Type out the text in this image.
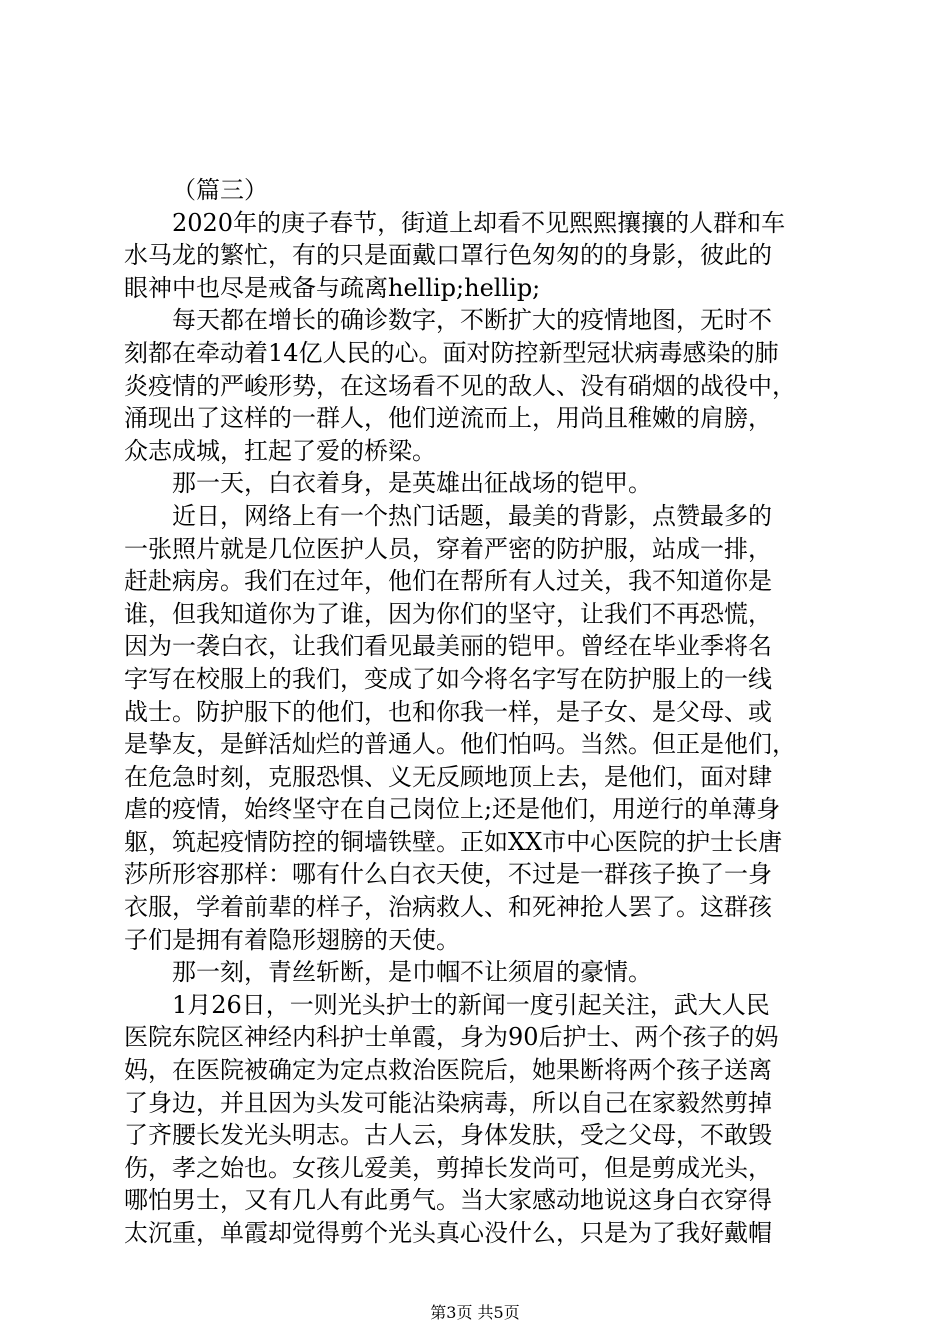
（篇三）
2020年的庚子春节，街道上却看不见熙熙攘攘的人群和车
水马龙的繁忙，有的只是面戴口罩行色匆匆的的身影，彼此的
眼神中也尽是戒备与疏离hellip;hellip;
每天都在增长的确诊数字，不断扩大的疫情地图，无时不
刻都在牵动着14亿人民的心。面对防控新型冠状病毒感染的肺
炎疫情的严峻形势，在这场看不见的敌人、没有硝烟的战役中，
涌现出了这样的一群人，他们逆流而上，用尚且稚嫩的肩膀，
众志成城，扛起了爱的桥梁。
那一天，白衣着身，是英雄出征战场的铠甲。
近日，网络上有一个热门话题，最美的背影，点赞最多的
一张照片就是几位医护人员，穿着严密的防护服，站成一排，
赶赴病房。我们在过年，他们在帮所有人过关，我不知道你是
谁，但我知道你为了谁，因为你们的坚守，让我们不再恐慌，
因为一袭白衣，让我们看见最美丽的铠甲。曾经在毕业季将名
字写在校服上的我们，变成了如今将名字写在防护服上的一线
战士。防护服下的他们，也和你我一样，是子女、是父母、或
是挚友，是鲜活灿烂的普通人。他们怕吗。当然。但正是他们，
在危急时刻，克服恐惧、义无反顾地顶上去，是他们，面对肆
虐的疫情，始终坚守在自己岗位上;还是他们，用逆行的单薄身
躯，筑起疫情防控的铜墙铁壁。正如XX市中心医院的护士长唐
莎所形容那样：哪有什么白衣天使，不过是一群孩子换了一身
衣服，学着前辈的样子，治病救人、和死神抢人罢了。这群孩
子们是拥有着隐形翅膀的天使。
那一刻，青丝斩断，是巾帼不让须眉的豪情。
1月26日，一则光头护士的新闻一度引起关注，武大人民
医院东院区神经内科护士单霞，身为90后护士、两个孩子的妈
妈，在医院被确定为定点救治医院后，她果断将两个孩子送离
了身边，并且因为头发可能沾染病毒，所以自己在家毅然剪掉
了齐腰长发光头明志。古人云，身体发肤，受之父母，不敢毁
伤，孝之始也。女孩儿爱美，剪掉长发尚可，但是剪成光头，
哪怕男士，又有几人有此勇气。当大家感动地说这身白衣穿得
太沉重，单霞却觉得剪个光头真心没什么，只是为了我好戴帽
第3页 共5页
